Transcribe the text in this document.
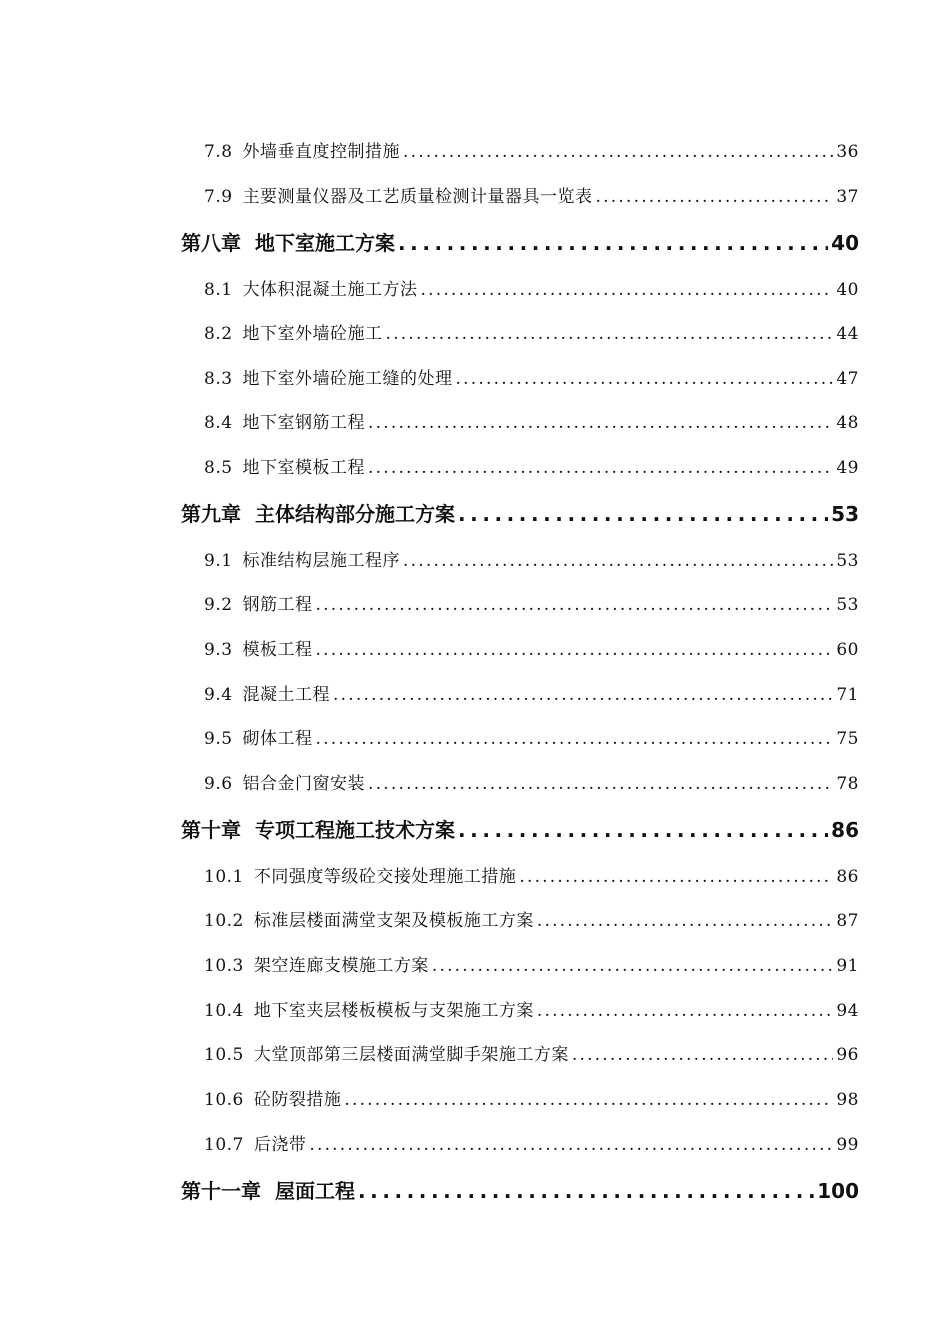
7.8 外墙垂直度控制措施 . . .	36
7.9 主要测量仪器及工艺质量检测计量器具一览表 . . .	37
第八章 地下室施工方案 . . .	40
8.1 大体积混凝土施工方法 . . .	40
8.2 地下室外墙砼施工 . . .	44
8.3 地下室外墙砼施工缝的处理 . . .	47
8.4 地下室钢筋工程 . . .	48
8.5 地下室模板工程 . . .	49
第九章 主体结构部分施工方案 . . .	53
9.1 标准结构层施工程序 . . .	53
9.2 钢筋工程 . . .	53
9.3 模板工程 . . .	60
9.4 混凝土工程 . . .	71
9.5 砌体工程 . . .	75
9.6 铝合金门窗安装 . . .	78
第十章 专项工程施工技术方案 . . .	86
10.1 不同强度等级砼交接处理施工措施 . . .	86
10.2 标准层楼面满堂支架及模板施工方案 . . .	87
10.3 架空连廊支模施工方案 . . .	91
10.4 地下室夹层楼板模板与支架施工方案 . . .	94
10.5 大堂顶部第三层楼面满堂脚手架施工方案 . . .	96
10.6 砼防裂措施 . . .	98
10.7 后浇带 . . .	99
第十一章 屋面工程 . . .	100
